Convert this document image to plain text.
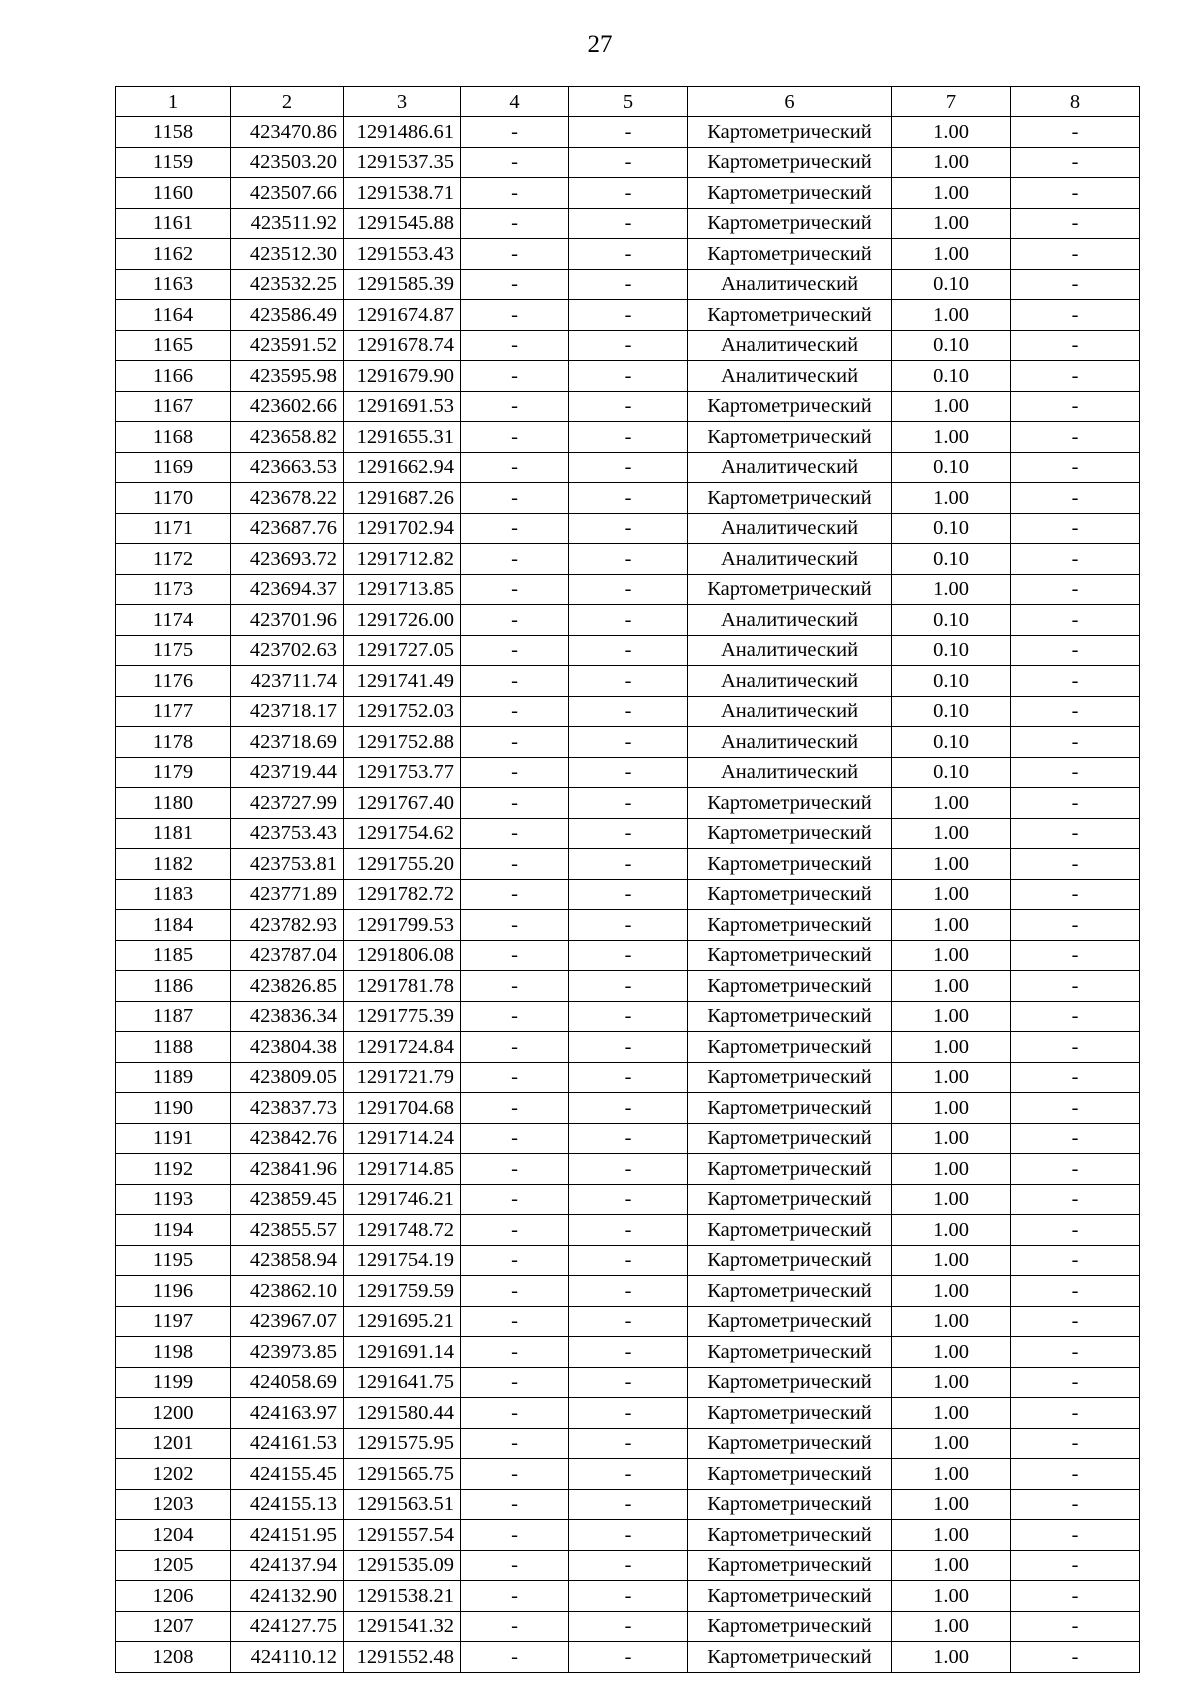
27
1	2	3	4	5	6	7	8
1158	423470.86	1291486.61	-	-	Картометрический	1.00	-
1159	423503.20	1291537.35	-	-	Картометрический	1.00	-
1160	423507.66	1291538.71	-	-	Картометрический	1.00	-
1161	423511.92	1291545.88	-	-	Картометрический	1.00	-
1162	423512.30	1291553.43	-	-	Картометрический	1.00	-
1163	423532.25	1291585.39	-	-	Аналитический	0.10	-
1164	423586.49	1291674.87	-	-	Картометрический	1.00	-
1165	423591.52	1291678.74	-	-	Аналитический	0.10	-
1166	423595.98	1291679.90	-	-	Аналитический	0.10	-
1167	423602.66	1291691.53	-	-	Картометрический	1.00	-
1168	423658.82	1291655.31	-	-	Картометрический	1.00	-
1169	423663.53	1291662.94	-	-	Аналитический	0.10	-
1170	423678.22	1291687.26	-	-	Картометрический	1.00	-
1171	423687.76	1291702.94	-	-	Аналитический	0.10	-
1172	423693.72	1291712.82	-	-	Аналитический	0.10	-
1173	423694.37	1291713.85	-	-	Картометрический	1.00	-
1174	423701.96	1291726.00	-	-	Аналитический	0.10	-
1175	423702.63	1291727.05	-	-	Аналитический	0.10	-
1176	423711.74	1291741.49	-	-	Аналитический	0.10	-
1177	423718.17	1291752.03	-	-	Аналитический	0.10	-
1178	423718.69	1291752.88	-	-	Аналитический	0.10	-
1179	423719.44	1291753.77	-	-	Аналитический	0.10	-
1180	423727.99	1291767.40	-	-	Картометрический	1.00	-
1181	423753.43	1291754.62	-	-	Картометрический	1.00	-
1182	423753.81	1291755.20	-	-	Картометрический	1.00	-
1183	423771.89	1291782.72	-	-	Картометрический	1.00	-
1184	423782.93	1291799.53	-	-	Картометрический	1.00	-
1185	423787.04	1291806.08	-	-	Картометрический	1.00	-
1186	423826.85	1291781.78	-	-	Картометрический	1.00	-
1187	423836.34	1291775.39	-	-	Картометрический	1.00	-
1188	423804.38	1291724.84	-	-	Картометрический	1.00	-
1189	423809.05	1291721.79	-	-	Картометрический	1.00	-
1190	423837.73	1291704.68	-	-	Картометрический	1.00	-
1191	423842.76	1291714.24	-	-	Картометрический	1.00	-
1192	423841.96	1291714.85	-	-	Картометрический	1.00	-
1193	423859.45	1291746.21	-	-	Картометрический	1.00	-
1194	423855.57	1291748.72	-	-	Картометрический	1.00	-
1195	423858.94	1291754.19	-	-	Картометрический	1.00	-
1196	423862.10	1291759.59	-	-	Картометрический	1.00	-
1197	423967.07	1291695.21	-	-	Картометрический	1.00	-
1198	423973.85	1291691.14	-	-	Картометрический	1.00	-
1199	424058.69	1291641.75	-	-	Картометрический	1.00	-
1200	424163.97	1291580.44	-	-	Картометрический	1.00	-
1201	424161.53	1291575.95	-	-	Картометрический	1.00	-
1202	424155.45	1291565.75	-	-	Картометрический	1.00	-
1203	424155.13	1291563.51	-	-	Картометрический	1.00	-
1204	424151.95	1291557.54	-	-	Картометрический	1.00	-
1205	424137.94	1291535.09	-	-	Картометрический	1.00	-
1206	424132.90	1291538.21	-	-	Картометрический	1.00	-
1207	424127.75	1291541.32	-	-	Картометрический	1.00	-
1208	424110.12	1291552.48	-	-	Картометрический	1.00	-
